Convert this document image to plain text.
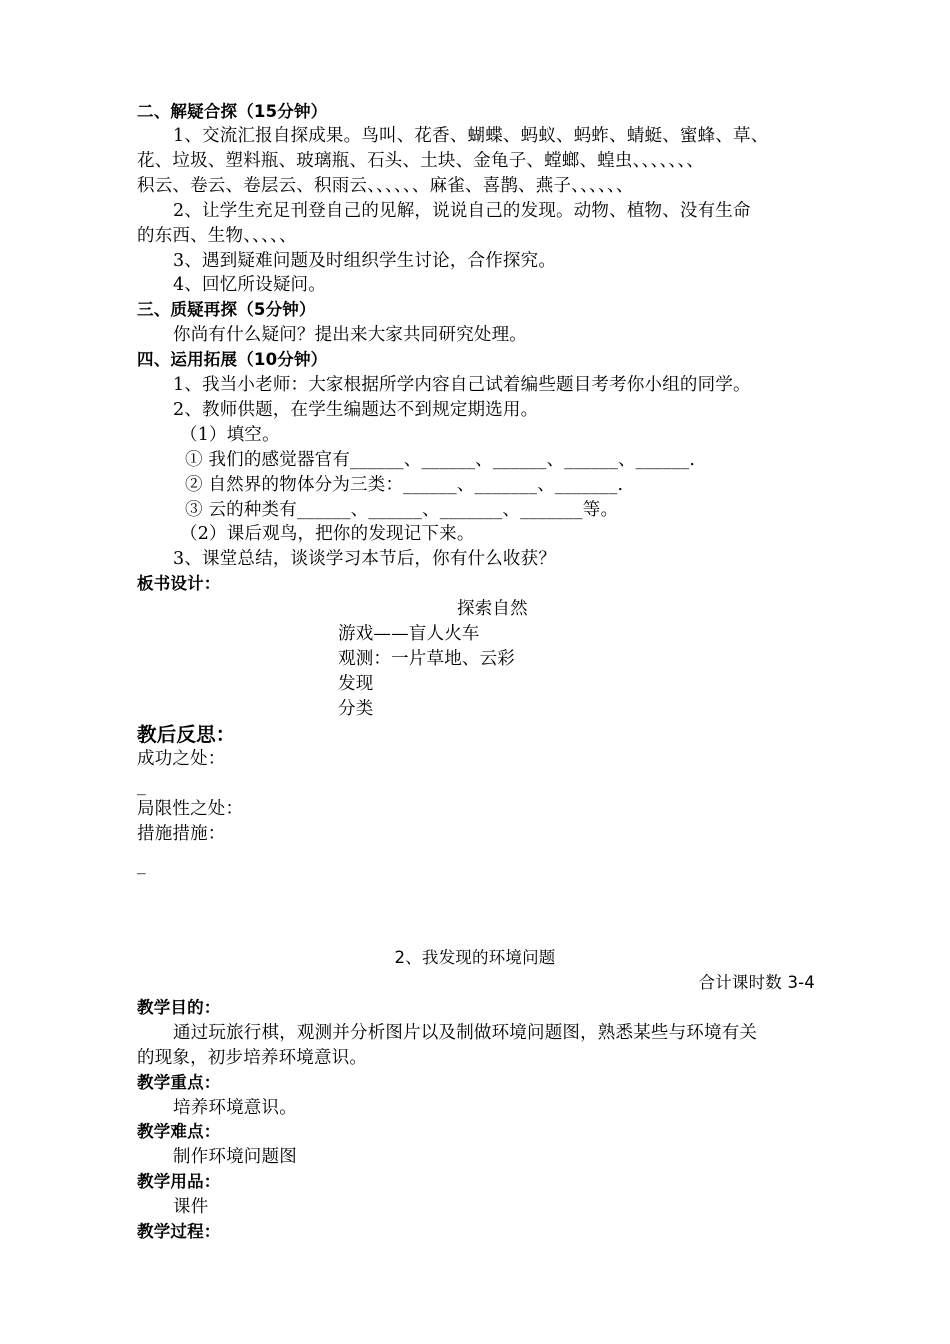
二、解疑合探（15分钟）
1、交流汇报自探成果。鸟叫、花香、蝴蝶、蚂蚁、蚂蚱、蜻蜓、蜜蜂、草、
花、垃圾、塑料瓶、玻璃瓶、石头、土块、金龟子、螳螂、蝗虫、、、、、、、
积云、卷云、卷层云、积雨云、、、、、、麻雀、喜鹊、燕子、、、、、、
2、让学生充足刊登自己的见解，说说自己的发现。动物、植物、没有生命
的东西、生物、、、、、
3、遇到疑难问题及时组织学生讨论，合作探究。
4、回忆所设疑问。
三、质疑再探（5分钟）
你尚有什么疑问？提出来大家共同研究处理。
四、运用拓展（10分钟）
1、我当小老师：大家根据所学内容自己试着编些题目考考你小组的同学。
2、教师供题，在学生编题达不到规定期选用。
（1）填空。
① 我们的感觉器官有______、______、______、______、______.
② 自然界的物体分为三类：______、_______、_______.
③ 云的种类有______、______、_______、_______等。
（2）课后观鸟，把你的发现记下来。
3、课堂总结，谈谈学习本节后，你有什么收获？
板书设计：
探索自然
游戏——盲人火车
观测：一片草地、云彩
发现
分类
教后反思：
成功之处：
_
局限性之处：
措施措施：
_
2、我发现的环境问题
合计课时数 3-4
教学目的：
通过玩旅行棋，观测并分析图片以及制做环境问题图，熟悉某些与环境有关
的现象，初步培养环境意识。
教学重点：
培养环境意识。
教学难点：
制作环境问题图
教学用品：
课件
教学过程：
